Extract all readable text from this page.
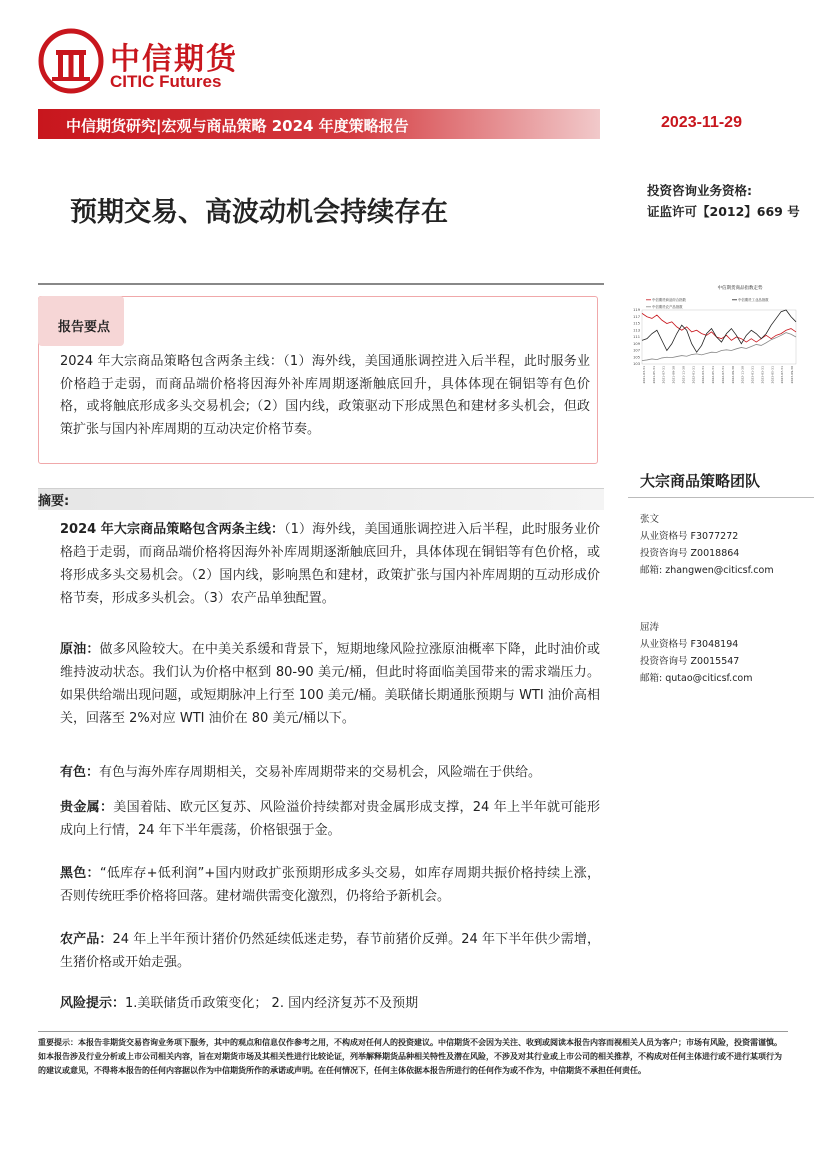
中信期货
CITIC Futures
中信期货研究|宏观与商品策略 2024 年度策略报告	2023-11-29
预期交易、高波动机会持续存在
投资咨询业务资格:
证监许可【2012】669 号
报告要点
2024 年大宗商品策略包含两条主线：（1）海外线，美国通胀调控进入后半程，此时服务业价格趋于走弱，而商品端价格将因海外补库周期逐渐触底回升，具体体现在铜铝等有色价格，或将触底形成多头交易机会;（2）国内线，政策驱动下形成黑色和建材多头机会，但政策扩张与国内补库周期的互动决定价格节奏。
中信期货商品指数走势
中信期货商品综合指数	中信期货工业品指数
中信期货农产品指数
119
117
115
113
111
109
107
105
103
2021-03-31 2021-05-31 2021-07-31 2021-09-30 2021-11-30 2022-01-31 2022-03-31 2022-05-31 2022-07-31 2022-09-30 2022-11-30 2023-01-31 2023-03-31 2023-05-31 2023-07-31 2023-09-30
大宗商品策略团队
张文
从业资格号 F3077272
投资咨询号 Z0018864
邮箱: zhangwen@citicsf.com
屈涛
从业资格号 F3048194
投资咨询号 Z0015547
邮箱: qutao@citicsf.com
摘要:
2024 年大宗商品策略包含两条主线：（1）海外线，美国通胀调控进入后半程，此时服务业价格趋于走弱，而商品端价格将因海外补库周期逐渐触底回升，具体体现在铜铝等有色价格，或将形成多头交易机会。（2）国内线，影响黑色和建材，政策扩张与国内补库周期的互动形成价格节奏，形成多头机会。（3）农产品单独配置。
原油：做多风险较大。在中美关系缓和背景下，短期地缘风险拉涨原油概率下降，此时油价或维持波动状态。我们认为价格中枢到 80-90 美元/桶，但此时将面临美国带来的需求端压力。如果供给端出现问题，或短期脉冲上行至 100 美元/桶。美联储长期通胀预期与 WTI 油价高相关，回落至 2%对应 WTI 油价在 80 美元/桶以下。
有色：有色与海外库存周期相关，交易补库周期带来的交易机会，风险端在于供给。
贵金属：美国着陆、欧元区复苏、风险溢价持续都对贵金属形成支撑，24 年上半年就可能形成向上行情，24 年下半年震荡，价格银强于金。
黑色：“低库存+低利润”+国内财政扩张预期形成多头交易，如库存周期共振价格持续上涨，否则传统旺季价格将回落。建材端供需变化激烈，仍将给予新机会。
农产品：24 年上半年预计猪价仍然延续低迷走势，春节前猪价反弹。24 年下半年供少需增，生猪价格或开始走强。
风险提示：1.美联储货币政策变化； 2. 国内经济复苏不及预期
重要提示：本报告非期货交易咨询业务项下服务，其中的观点和信息仅作参考之用，不构成对任何人的投资建议。中信期货不会因为关注、收到或阅读本报告内容而视相关人员为客户；市场有风险，投资需谨慎。如本报告涉及行业分析或上市公司相关内容，旨在对期货市场及其相关性进行比较论证，列举解释期货品种相关特性及潜在风险，不涉及对其行业或上市公司的相关推荐，不构成对任何主体进行或不进行某项行为的建议或意见，不得将本报告的任何内容据以作为中信期货所作的承诺或声明。在任何情况下，任何主体依据本报告所进行的任何作为或不作为，中信期货不承担任何责任。
